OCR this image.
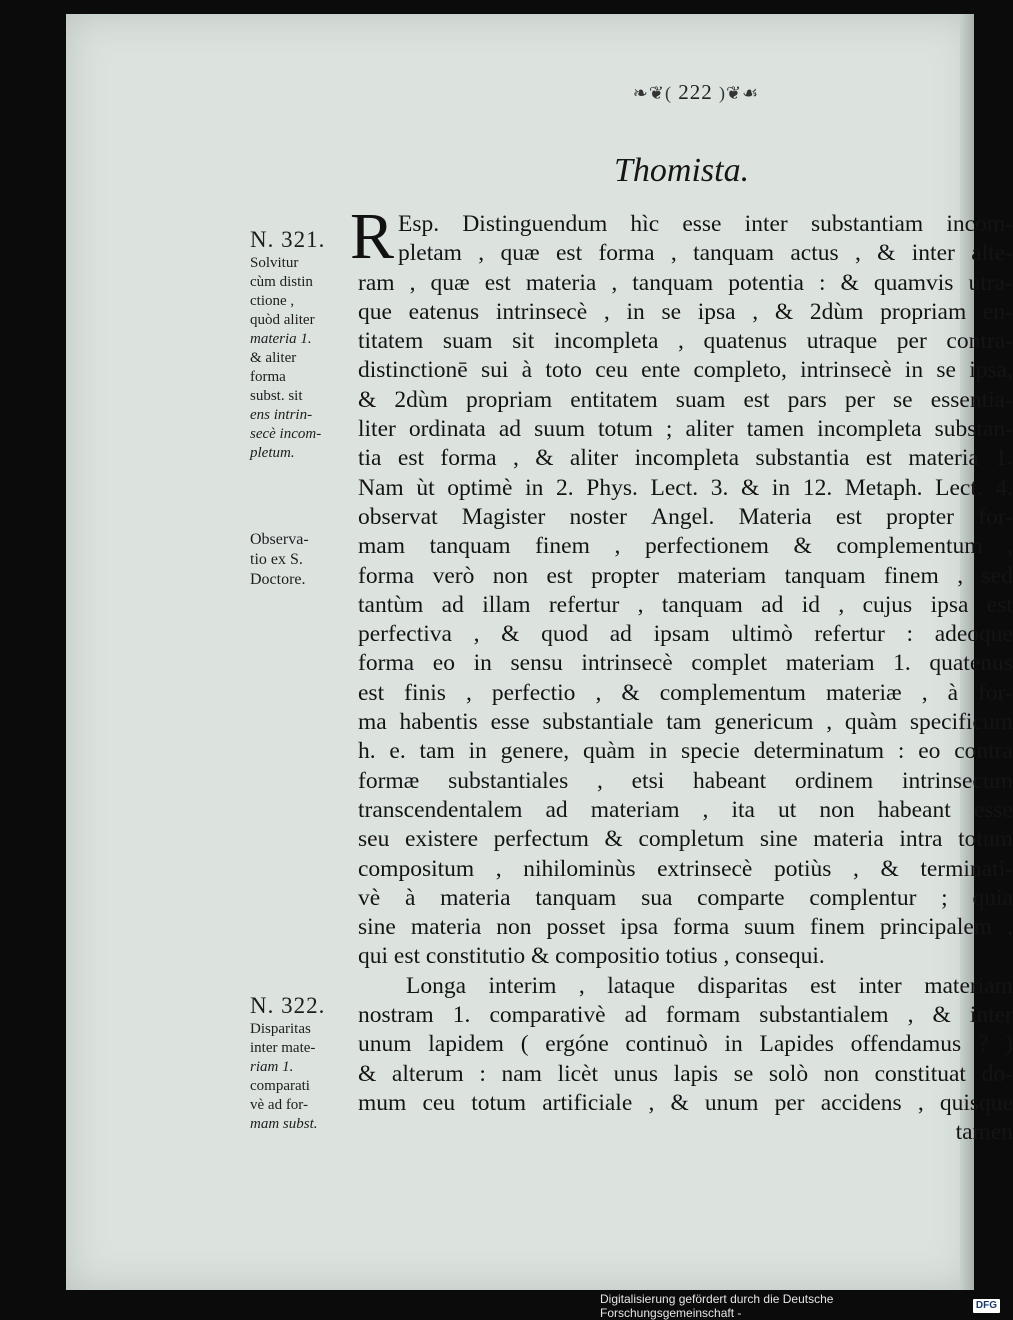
❧❦( 222 )❦☙
Thomista.
N. 321.
Solvitur
cùm distin
ctione ,
quòd aliter
materia 1.
& aliter
forma
subst. sit
ens intrin-
secè incom-
pletum.
Observa-
tio ex S.
Doctore.
N. 322.
Disparitas
inter mate-
riam 1.
comparati
vè ad for-
mam subst.
R Esp. Distinguendum hìc esse inter substantiam incom-
pletam , quæ est forma , tanquam actus , & inter alte-
ram , quæ est materia , tanquam potentia : & quamvis utra-
que eatenus intrinsecè , in se ipsa , & 2dùm propriam en-
titatem suam sit incompleta , quatenus utraque per contra-
distinctionē sui à toto ceu ente completo, intrinsecè in se ipsa,
& 2dùm propriam entitatem suam est pars per se essentia-
liter ordinata ad suum totum ; aliter tamen incompleta substan-
tia est forma , & aliter incompleta substantia est materia 1.
Nam ùt optimè in 2. Phys. Lect. 3. & in 12. Metaph. Lect. 4.
observat Magister noster Angel. Materia est propter for-
mam tanquam finem , perfectionem & complementum ,
forma verò non est propter materiam tanquam finem , sed
tantùm ad illam refertur , tanquam ad id , cujus ipsa est
perfectiva , & quod ad ipsam ultimò refertur : adeoque
forma eo in sensu intrinsecè complet materiam 1. quatenus
est finis , perfectio , & complementum materiæ , à for-
ma habentis esse substantiale tam genericum , quàm specificum
h. e. tam in genere, quàm in specie determinatum : eo contra
formæ substantiales , etsi habeant ordinem intrinsecum
transcendentalem ad materiam , ita ut non habeant esse
seu existere perfectum & completum sine materia intra totum
compositum , nihilominùs extrinsecè potiùs , & terminati-
vè à materia tanquam sua comparte complentur ; quia
sine materia non posset ipsa forma suum finem principalem ,
qui est constitutio & compositio totius , consequi.
Longa interim , lataque disparitas est inter materiam
nostram 1. comparativè ad formam substantialem , & inter
unum lapidem ( ergóne continuò in Lapides offendamus ? )
& alterum : nam licèt unus lapis se solò non constituat do-
mum ceu totum artificiale , & unum per accidens , quisque
tamen
Digitalisierung gefördert durch die Deutsche Forschungsgemeinschaft -
DFG
